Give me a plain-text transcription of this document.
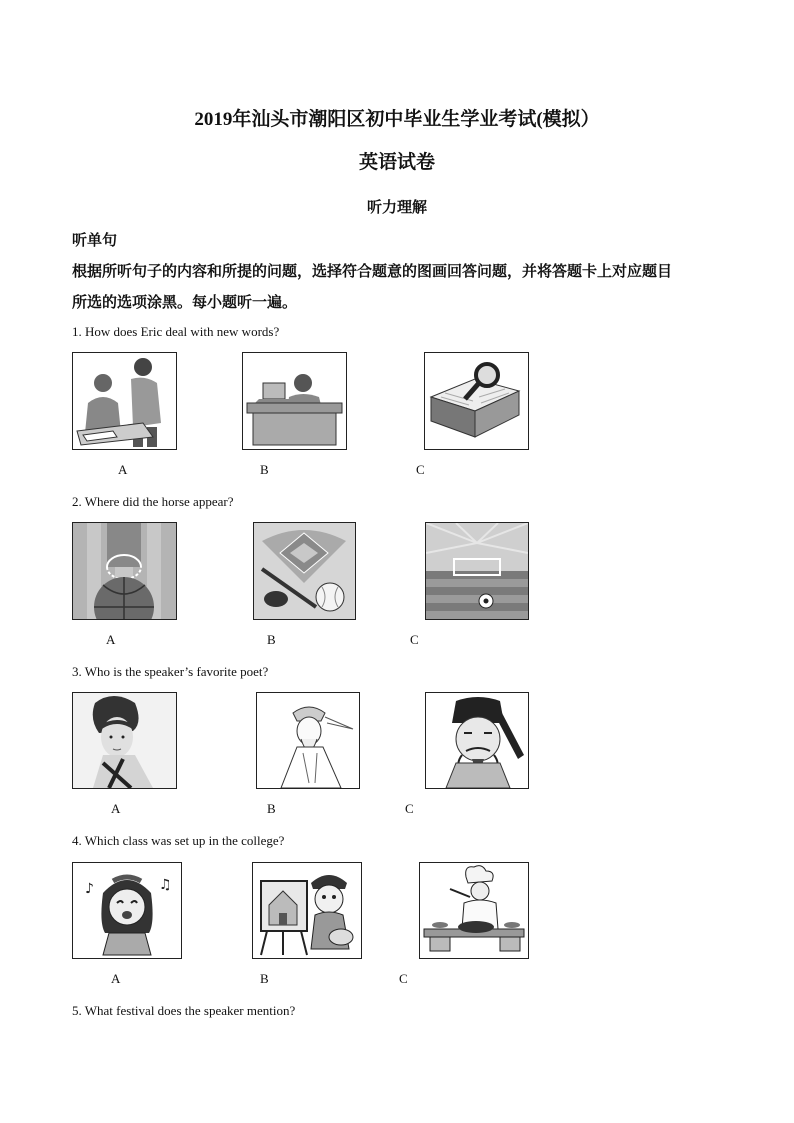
2019年汕头市潮阳区初中毕业生学业考试(模拟）
英语试卷
听力理解
听单句
根据所听句子的内容和所提的问题，选择符合题意的图画回答问题，并将答题卡上对应题目
所选的选项涂黑。每小题听一遍。
1. How does Eric deal with new words?
A	B	C
2. Where did the horse appear?
A	B	C
3. Who is the speaker’s favorite poet?
A	B	C
4. Which class was set up in the college?
♪	♫
A	B	C
5. What festival does the speaker mention?
